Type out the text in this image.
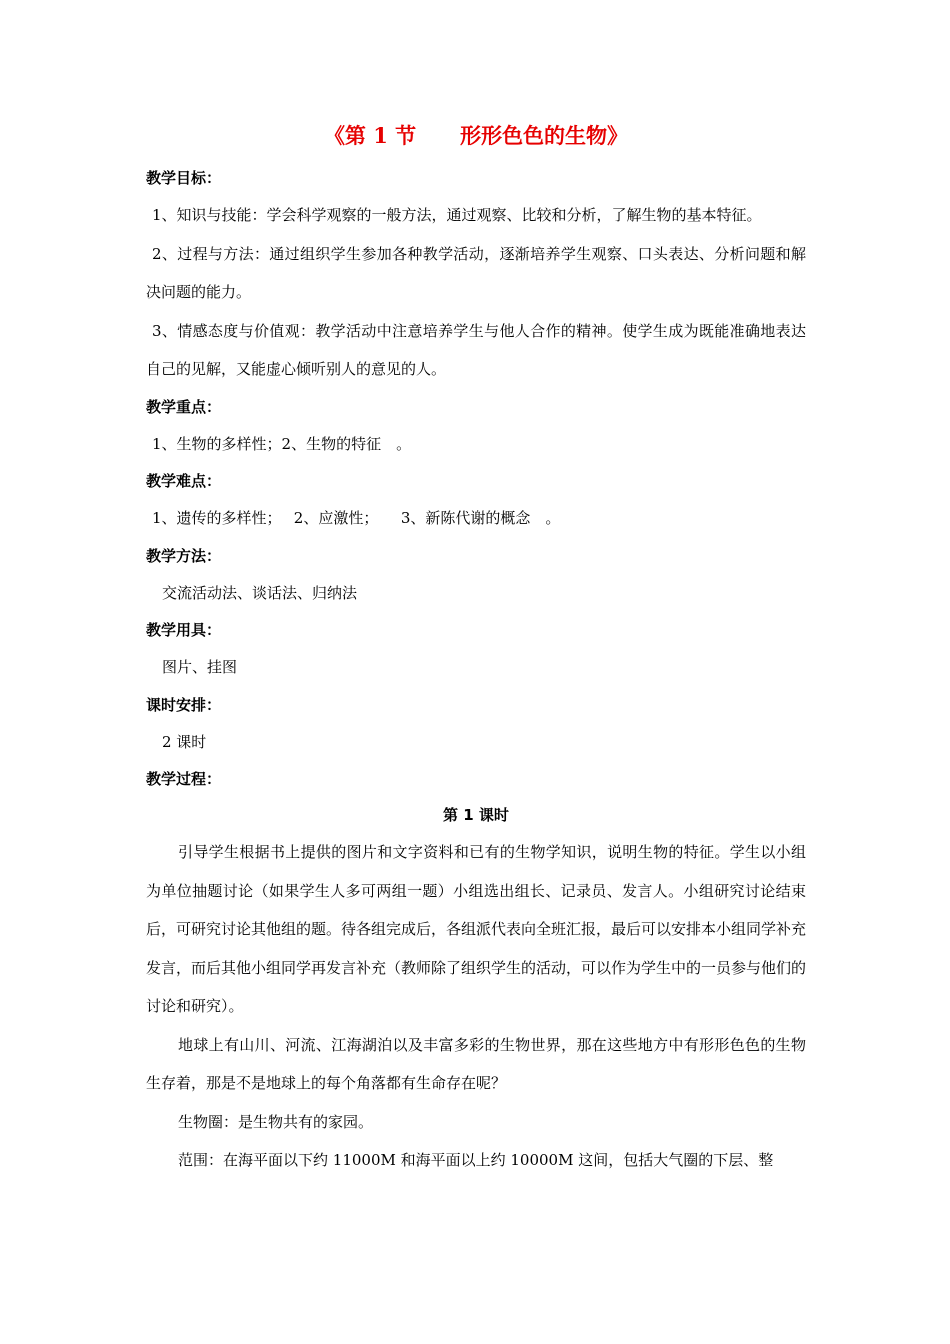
《第 1 节      形形色色的生物》

教学目标：

1、知识与技能：学会科学观察的一般方法，通过观察、比较和分析，了解生物的基本特征。

2、过程与方法：通过组织学生参加各种教学活动，逐渐培养学生观察、口头表达、分析问题和解决问题的能力。

3、情感态度与价值观：教学活动中注意培养学生与他人合作的精神。使学生成为既能准确地表达自己的见解，又能虚心倾听别人的意见的人。

教学重点：

1、生物的多样性；2、生物的特征　。

教学难点：

1、遗传的多样性；　 2、应激性；　　3、新陈代谢的概念　。

教学方法：

交流活动法、谈话法、归纳法

教学用具：

图片、挂图

课时安排：

2 课时

教学过程：

第 1 课时

引导学生根据书上提供的图片和文字资料和已有的生物学知识，说明生物的特征。学生以小组为单位抽题讨论（如果学生人多可两组一题）小组选出组长、记录员、发言人。小组研究讨论结束后，可研究讨论其他组的题。待各组完成后，各组派代表向全班汇报，最后可以安排本小组同学补充发言，而后其他小组同学再发言补充（教师除了组织学生的活动，可以作为学生中的一员参与他们的讨论和研究）。

地球上有山川、河流、江海湖泊以及丰富多彩的生物世界，那在这些地方中有形形色色的生物生存着，那是不是地球上的每个角落都有生命存在呢？

生物圈：是生物共有的家园。

范围：在海平面以下约 11000M 和海平面以上约 10000M 这间，包括大气圈的下层、整
